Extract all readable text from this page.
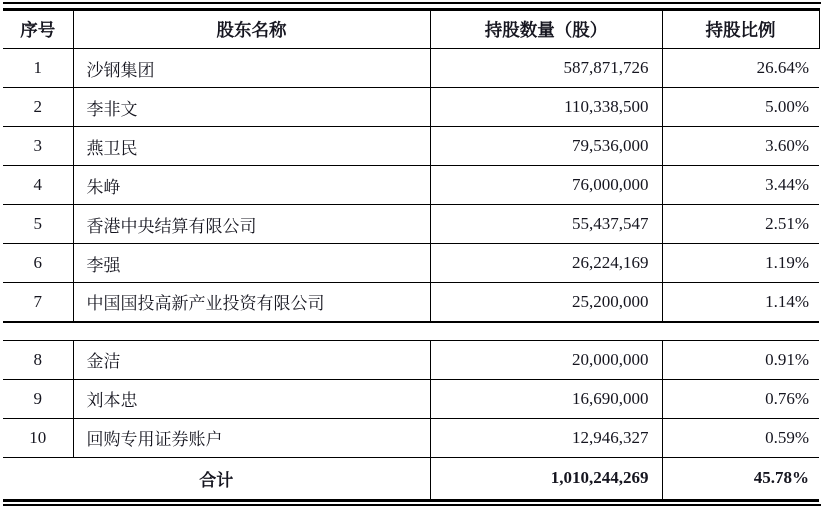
序号	股东名称	持股数量（股）	持股比例
1	沙钢集团	587,871,726	26.64%
2	李非文	110,338,500	5.00%
3	燕卫民	79,536,000	3.60%
4	朱峥	76,000,000	3.44%
5	香港中央结算有限公司	55,437,547	2.51%
6	李强	26,224,169	1.19%
7	中国国投高新产业投资有限公司	25,200,000	1.14%
8	金洁	20,000,000	0.91%
9	刘本忠	16,690,000	0.76%
10	回购专用证券账户	12,946,327	0.59%
合计		1,010,244,269	45.78%
